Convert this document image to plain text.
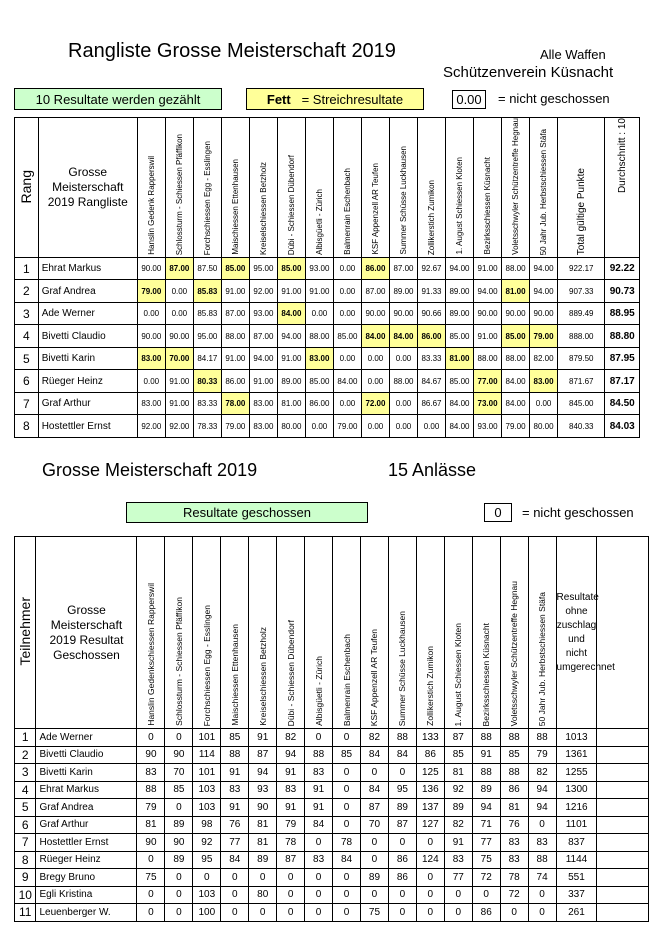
Rangliste Grosse Meisterschaft 2019	Alle Waffen
Schützenverein Küsnacht
10 Resultate werden gezählt	Fett
= Streichresultate	0.00	= nicht geschossen
Rang	Grosse Meisterschaft 2019 Rangliste	Hanslin Gedenk Rapperswil	Schlossturm - Schiessen Pfäffikon	Forchschiessen Egg - Esslingen	Maischiessen Ettenhausen	Kreiselschiessen Betzholz	Dübi - Schiessen Dübendorf	Albisgüetli - Zürich	Balmenrain Eschenbach	KSF Appenzell AR Teufen	Summer Schüsse Luckhausen	Zollikerstich Zumikon	1. August Schiessen Kloten	Bezirksschiessen Küsnacht	Voletsschwyler Schützentreffe Hegnau	50 Jahr Jub. Herbstschiessen Stäfa	Total gültige Punkte	Durchschnitt : 10
1	Ehrat Markus	90.00	87.00	87.50	85.00	95.00	85.00	93.00	0.00	86.00	87.00	92.67	94.00	91.00	88.00	94.00	922.17	92.22
2	Graf Andrea	79.00	0.00	85.83	91.00	92.00	91.00	91.00	0.00	87.00	89.00	91.33	89.00	94.00	81.00	94.00	907.33	90.73
3	Ade Werner	0.00	0.00	85.83	87.00	93.00	84.00	0.00	0.00	90.00	90.00	90.66	89.00	90.00	90.00	90.00	889.49	88.95
4	Bivetti Claudio	90.00	90.00	95.00	88.00	87.00	94.00	88.00	85.00	84.00	84.00	86.00	85.00	91.00	85.00	79.00	888.00	88.80
5	Bivetti Karin	83.00	70.00	84.17	91.00	94.00	91.00	83.00	0.00	0.00	0.00	83.33	81.00	88.00	88.00	82.00	879.50	87.95
6	Rüeger Heinz	0.00	91.00	80.33	86.00	91.00	89.00	85.00	84.00	0.00	88.00	84.67	85.00	77.00	84.00	83.00	871.67	87.17
7	Graf Arthur	83.00	91.00	83.33	78.00	83.00	81.00	86.00	0.00	72.00	0.00	86.67	84.00	73.00	84.00	0.00	845.00	84.50
8	Hostettler Ernst	92.00	92.00	78.33	79.00	83.00	80.00	0.00	79.00	0.00	0.00	0.00	84.00	93.00	79.00	80.00	840.33	84.03
Grosse Meisterschaft 2019	15 Anlässe
Resultate geschossen	0	= nicht geschossen
Teilnehmer	Grosse Meisterschaft 2019 Resultat Geschossen	Hanslin Gedenkschiessen Rapperswil	Schlossturm - Schiessen Pfäffikon	Forchschiessen Egg - Esslingen	Maischiessen Ettenhausen	Kreiselschiessen Betzholz	Dübi - Schiessen Dübendorf	Albisgüetli - Zürich	Balmenrain Eschenbach	KSF Appenzell AR Teufen	Summer Schüsse Luckhausen	Zollikerstich Zumikon	1. August Schiessen Kloten	Bezirksschiessen Küsnacht	Voletsschwyler Schützentreffe Hegnau	50 Jahr Jub. Herbstschiessen Stäfa	Resultate ohne zuschlag und nicht umgerechnet	
1	Ade Werner	0	0	101	85	91	82	0	0	82	88	133	87	88	88	88	1013	
2	Bivetti Claudio	90	90	114	88	87	94	88	85	84	84	86	85	91	85	79	1361	
3	Bivetti Karin	83	70	101	91	94	91	83	0	0	0	125	81	88	88	82	1255	
4	Ehrat Markus	88	85	103	83	93	83	91	0	84	95	136	92	89	86	94	1300	
5	Graf Andrea	79	0	103	91	90	91	91	0	87	89	137	89	94	81	94	1216	
6	Graf Arthur	81	89	98	76	81	79	84	0	70	87	127	82	71	76	0	1101	
7	Hostettler Ernst	90	90	92	77	81	78	0	78	0	0	0	91	77	83	83	837	
8	Rüeger Heinz	0	89	95	84	89	87	83	84	0	86	124	83	75	83	88	1144	
9	Bregy Bruno	75	0	0	0	0	0	0	0	89	86	0	77	72	78	74	551	
10	Egli Kristina	0	0	103	0	80	0	0	0	0	0	0	0	0	72	0	337	
11	Leuenberger W.	0	0	100	0	0	0	0	0	75	0	0	0	86	0	0	261	
